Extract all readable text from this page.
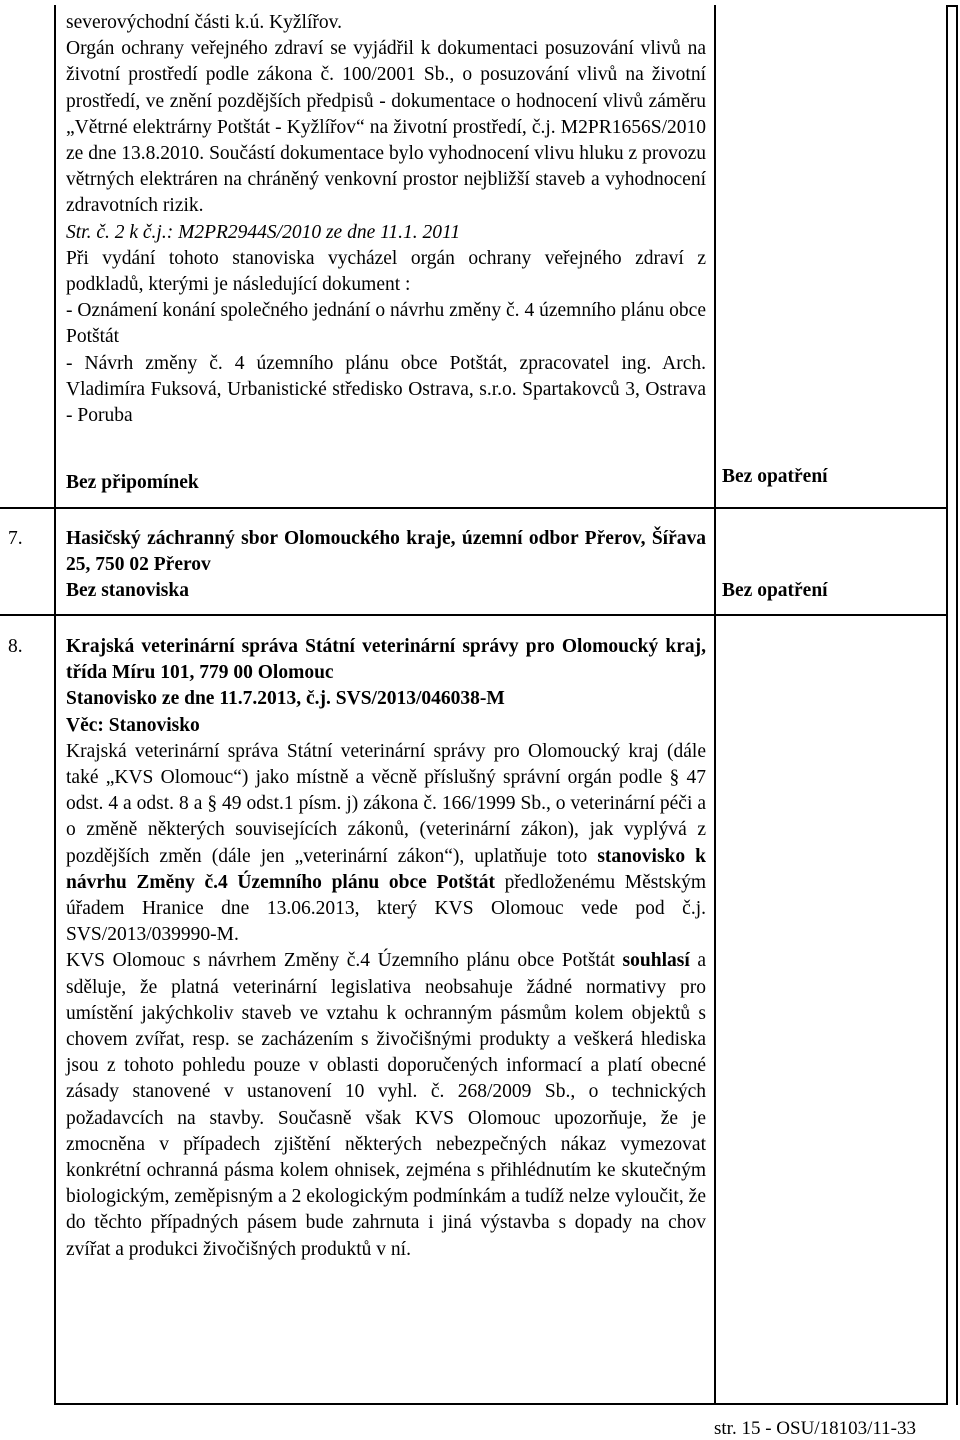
severovýchodní části k.ú. Kyžlířov.

Orgán ochrany veřejného zdraví se vyjádřil k dokumentaci posuzování vlivů na životní prostředí podle zákona č. 100/2001 Sb., o posuzování vlivů na životní prostředí, ve znění pozdějších předpisů - dokumentace o hodnocení vlivů záměru „Větrné elektrárny Potštát - Kyžlířov“ na životní prostředí, č.j. M2PR1656S/2010 ze dne 13.8.2010. Součástí dokumentace bylo vyhodnocení vlivu hluku z provozu větrných elektráren na chráněný venkovní prostor nejbližší staveb a vyhodnocení zdravotních rizik.

Str. č. 2 k č.j.: M2PR2944S/2010 ze dne 11.1. 2011

Při vydání tohoto stanoviska vycházel orgán ochrany veřejného zdraví z podkladů, kterými je následující dokument :

- Oznámení konání společného jednání o návrhu změny č. 4 územního plánu obce Potštát

- Návrh změny č. 4 územního plánu obce Potštát, zpracovatel ing. Arch. Vladimíra Fuksová, Urbanistické středisko Ostrava, s.r.o. Spartakovců 3, Ostrava - Poruba

Bez připomínek	Bez opatření
7. Hasičský záchranný sbor Olomouckého kraje, územní odbor Přerov, Šířava 25, 750 02 Přerov

Bez stanoviska	Bez opatření
8. Krajská veterinární správa Státní veterinární správy pro Olomoucký kraj, třída Míru 101, 779 00 Olomouc

Stanovisko ze dne 11.7.2013, č.j. SVS/2013/046038-M

Věc: Stanovisko

Krajská veterinární správa Státní veterinární správy pro Olomoucký kraj (dále také „KVS Olomouc“) jako místně a věcně příslušný správní orgán podle § 47 odst. 4 a odst. 8 a § 49 odst.1 písm. j) zákona č. 166/1999 Sb., o veterinární péči a o změně některých souvisejících zákonů, (veterinární zákon), jak vyplývá z pozdějších změn (dále jen „veterinární zákon“), uplatňuje toto stanovisko k návrhu Změny č.4 Územního plánu obce Potštát předloženému Městským úřadem Hranice dne 13.06.2013, který KVS Olomouc vede pod č.j. SVS/2013/039990-M.

KVS Olomouc s návrhem Změny č.4 Územního plánu obce Potštát souhlasí a sděluje, že platná veterinární legislativa neobsahuje žádné normativy pro umístění jakýchkoliv staveb ve vztahu k ochranným pásmům kolem objektů s chovem zvířat, resp. se zacházením s živočišnými produkty a veškerá hlediska jsou z tohoto pohledu pouze v oblasti doporučených informací a platí obecné zásady stanovené v ustanovení 10 vyhl. č. 268/2009 Sb., o technických požadavcích na stavby. Současně však KVS Olomouc upozorňuje, že je zmocněna v případech zjištění některých nebezpečných nákaz vymezovat konkrétní ochranná pásma kolem ohnisek, zejména s přihlédnutím ke skutečným biologickým, zeměpisným a 2 ekologickým podmínkám a tudíž nelze vyloučit, že do těchto případných pásem bude zahrnuta i jiná výstavba s dopady na chov zvířat a produkci živočišných produktů v ní.

str. 15 - OSU/18103/11-33
